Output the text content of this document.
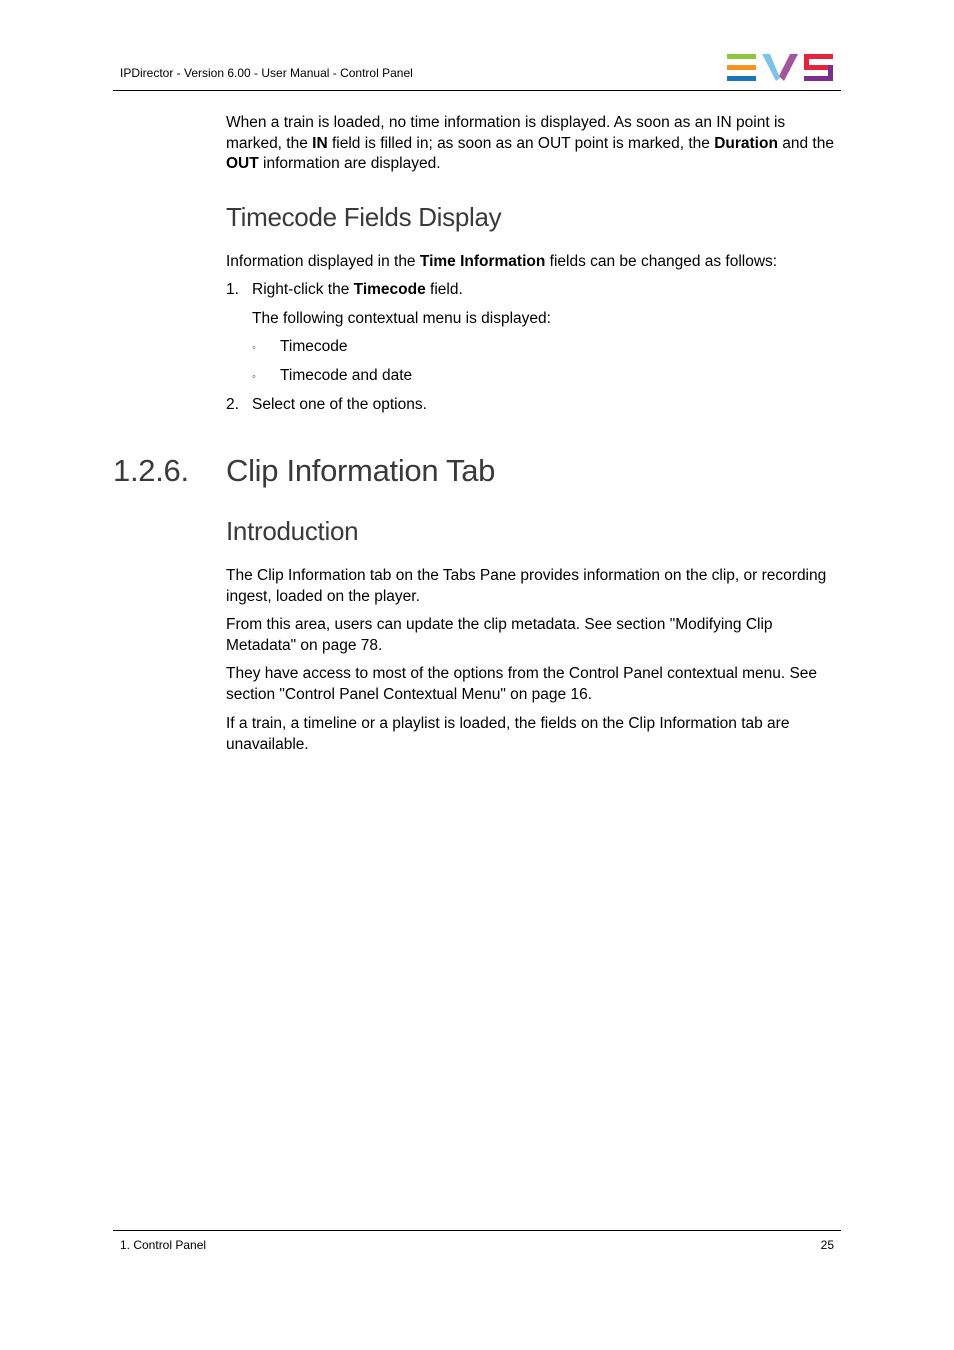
IPDirector - Version 6.00 - User Manual - Control Panel

When a train is loaded, no time information is displayed. As soon as an IN point is

marked, the IN field is filled in; as soon as an OUT point is marked, the Duration and the

OUT information are displayed.

Timecode Fields Display

Information displayed in the Time Information fields can be changed as follows:

1. Right-click the Timecode field.
The following contextual menu is displayed:
◦ Timecode
◦ Timecode and date
2. Select one of the options.
1.2.6. Clip Information Tab
Introduction

The Clip Information tab on the Tabs Pane provides information on the clip, or recording

ingest, loaded on the player.

From this area, users can update the clip metadata. See section "Modifying Clip

Metadata" on page 78.

They have access to most of the options from the Control Panel contextual menu. See

section "Control Panel Contextual Menu" on page 16.

If a train, a timeline or a playlist is loaded, the fields on the Clip Information tab are

unavailable.

1. Control Panel	25
